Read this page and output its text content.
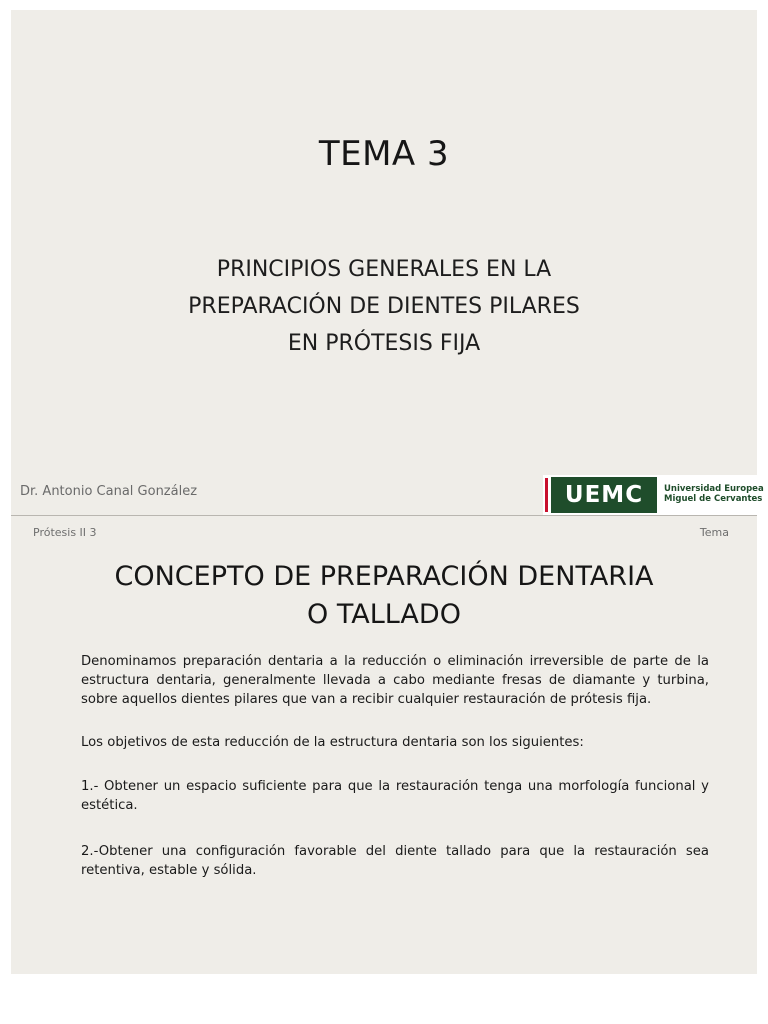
TEMA 3
PRINCIPIOS GENERALES EN LA
PREPARACIÓN DE DIENTES PILARES
EN PRÓTESIS FIJA
Dr. Antonio Canal González	UEMC	Universidad Europea
Miguel de Cervantes
Prótesis II 3	Tema
CONCEPTO DE PREPARACIÓN DENTARIA
O TALLADO
Denominamos preparación dentaria a la reducción o eliminación irreversible de parte de la estructura dentaria, generalmente llevada a cabo mediante fresas de diamante y turbina, sobre aquellos dientes pilares que van a recibir cualquier restauración de prótesis fija.
Los objetivos de esta reducción de la estructura dentaria son los siguientes:
1.- Obtener un espacio suficiente para que la restauración tenga una morfología funcional y estética.
2.-Obtener una configuración favorable del diente tallado para que la restauración sea retentiva, estable y sólida.
